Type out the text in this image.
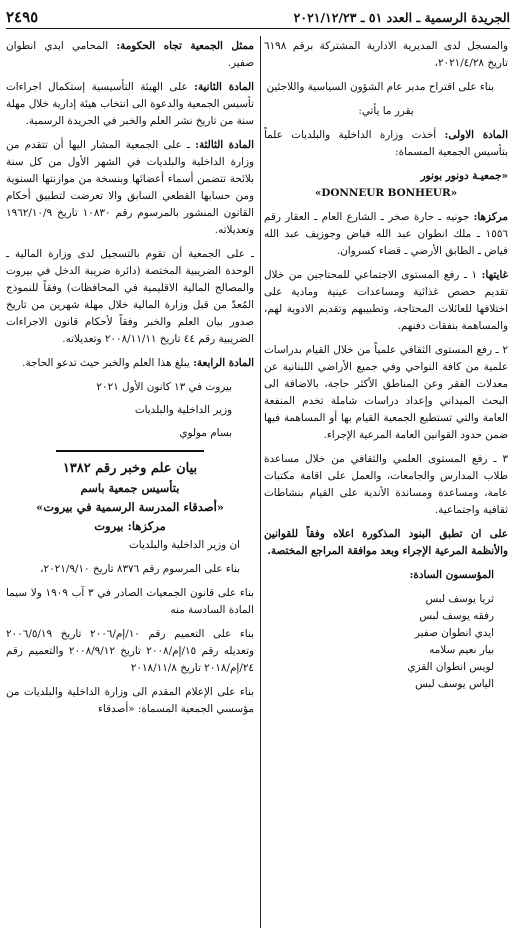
الجريدة الرسمية ـ العدد ٥١ ـ ٢٠٢١/١٢/٢٣
٢٤٩٥

والمسجل لدى المديرية الادارية المشتركة برقم ٦١٩٨ تاريخ ٢٠٢١/٤/٢٨،

بناء على اقتراح مدير عام الشؤون السياسية واللاجئين

يقرر ما يأتي:

المادة الاولى: أخذت وزارة الداخلية والبلديات علماً بتأسيس الجمعية المسماة:

«جمعيـة دونور بونور
«DONNEUR BONHEUR»

مركزها: جونيه ـ حارة صخر ـ الشارع العام ـ العقار رقم ١٥٥٦ ـ ملك انطوان عبد الله فياض وجوزيف عبد الله فياض ـ الطابق الأرضي ـ قضاء كسروان.

غايتها: ١ ـ رفع المستوى الاجتماعي للمحتاجين من خلال تقديم حصص غذائية ومساعدات عينية ومادية على اختلافها للعائلات المحتاجة، وتطبيبهم وتقديم الادوية لهم، والمساهمة بنفقات دفنهم.

٢ ـ رفع المستوى الثقافي علمياً من خلال القيام بدراسات علمية من كافة النواحي وفي جميع الأراضي اللبنانية عن معدلات الفقر وعن المناطق الأكثر حاجة، بالاضافة الى البحث الميداني وإعداد دراسات شاملة تخدم المنفعة العامة والتي تستطيع الجمعية القيام بها أو المساهمة فيها ضمن حدود القوانين العامة المرعية الإجراء.

٣ ـ رفع المستوى العلمي والثقافي من خلال مساعدة طلاب المدارس والجامعات، والعمل على اقامة مكتبات عامة، ومساعدة ومساندة الأندية على القيام بنشاطات ثقافية واجتماعية.

على ان تطبق البنود المذكورة اعلاه وفقاً للقوانين والأنظمة المرعية الإجراء وبعد موافقة المراجع المختصة.

المؤسسون السادة:

ثريا يوسف لبس
رفقه يوسف لبس
ايدي انطوان صفير
بيار نعيم سلامه
لويس انطوان القزي
الياس يوسف لبس

ممثل الجمعية تجاه الحكومة: المحامي ايدي انطوان صفير.

المادة الثانية: على الهيئة التأسيسية إستكمال اجراءات تأسيس الجمعية والدعوة الى انتخاب هيئة إدارية خلال مهلة سنة من تاريخ نشر العلم والخبر في الجريدة الرسمية.

المادة الثالثة: ـ على الجمعية المشار اليها أن تتقدم من وزارة الداخلية والبلديات في الشهر الأول من كل سنة بلائحة تتضمن أسماء أعضائها وبنسخة من موازنتها السنوية ومن حسابها القطعي السابق والا تعرضت لتطبيق أحكام القانون المنشور بالمرسوم رقم ١٠٨٣٠ تاريخ ١٩٦٢/١٠/٩ وتعديلاته.

ـ على الجمعية أن تقوم بالتسجيل لدى وزارة المالية ـ الوحدة الضريبية المختصة (دائرة ضريبة الدخل في بيروت والمصالح المالية الاقليمية في المحافظات) وفقاً للنموذج المُعدّ من قبل وزارة المالية خلال مهلة شهرين من تاريخ صدور بيان العلم والخبر وفقاً لأحكام قانون الاجراءات الضريبية رقم ٤٤ تاريخ ٢٠٠٨/١١/١١ وتعديلاته.

المادة الرابعة: يبلغ هذا العلم والخبر حيث تدعو الحاجة.

بيروت في ١٣ كانون الأول ٢٠٢١
وزير الداخلية والبلديات
بسام مولوي
بيان علم وخبر رقم ١٣٨٢
بتأسيس جمعية باسم
«أصدقاء المدرسة الرسمية في بيروت»
مركزها: بيروت

ان وزير الداخلية والبلديات

بناء على المرسوم رقم ٨٣٧٦ تاريخ ٢٠٢١/٩/١٠،

بناء على قانون الجمعيات الصادر في ٣ آب ١٩٠٩ ولا سيما المادة السادسة منه

بناء على التعميم رقم ١٠/إم/٢٠٠٦ تاريخ ٢٠٠٦/٥/١٩ وتعديله رقم ١٥/إم/٢٠٠٨ تاريخ ٢٠٠٨/٩/١٢ والتعميم رقم ٢٤/إم/٢٠١٨ تاريخ ٢٠١٨/١١/٨

بناء على الإعلام المقدم الى وزارة الداخلية والبلديات من مؤسسي الجمعية المسماة: «أصدقاء
